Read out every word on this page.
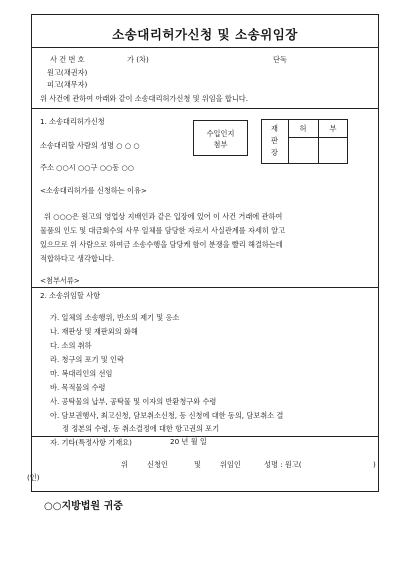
소송대리허가신청 및 소송위임장
사 건 번 호	가 (차)	단독
원고(채권자)
피고(채무자)
위 사건에 관하여 아래와 같이 소송대리허가신청 및 위임을 합니다.
1. 소송대리허가신청
수입인지
첨부
재
판
장
허	부
소송대리할 사람의 성명 ○ ○ ○
주소 ○○시 ○○구 ○○동 ○○
<소송대리허가를 신청하는 이유>
위 ○○○은 원고의 영업상 지배인과 같은 입장에 있어 이 사건 거래에 관하여
물품의 인도 및 대금회수의 사무 일체를 담당한 자로서 사실관계를 자세히 알고
있으므로 위 사람으로 하여금 소송수행을 담당케 함이 분쟁을 빨리 해결하는데
적합하다고 생각합니다.
<첨부서류>
2. 소송위임할 사항
가. 일체의 소송행위, 반소의 제기 및 응소
나. 재판상 및 재판외의 화해
다. 소의 취하
라. 청구의 포기 및 인락
마. 복대리인의 선임
바. 목적물의 수령
사. 공탁물의 납부, 공탁물 및 이자의 반환청구와 수령
아. 담보권행사, 최고신청, 담보취소신청, 동 신청에 대한 동의, 담보취소 결
정 정본의 수령, 동 취소결정에 대한 항고권의 포기
자. 기타(특정사항 기재요)	20 년 월 일
위	신청인	및	위임인	성명 : 원고(	)
(인)
○○지방법원 귀중
